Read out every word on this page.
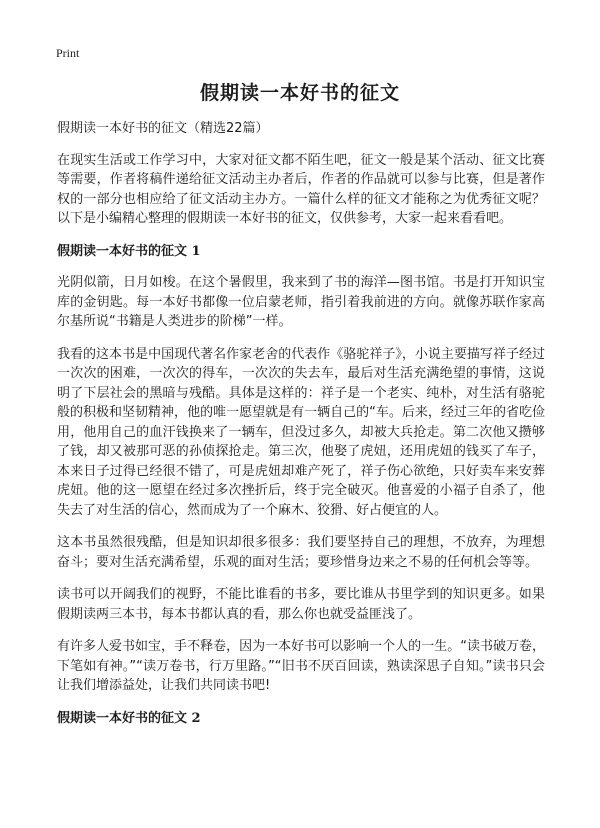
Print
假期读一本好书的征文

假期读一本好书的征文（精选22篇）

在现实生活或工作学习中，大家对征文都不陌生吧，征文一般是某个活动、征文比赛等需要，作者将稿件递给征文活动主办者后，作者的作品就可以参与比赛，但是著作权的一部分也相应给了征文活动主办方。一篇什么样的征文才能称之为优秀征文呢？以下是小编精心整理的假期读一本好书的征文，仅供参考，大家一起来看看吧。

假期读一本好书的征文 1

光阴似箭，日月如梭。在这个暑假里，我来到了书的海洋—图书馆。书是打开知识宝库的金钥匙。每一本好书都像一位启蒙老师，指引着我前进的方向。就像苏联作家高尔基所说“书籍是人类进步的阶梯”一样。

我看的这本书是中国现代著名作家老舍的代表作《骆驼祥子》，小说主要描写祥子经过一次次的困难，一次次的得车，一次次的失去车，最后对生活充满绝望的事情，这说明了下层社会的黑暗与残酷。具体是这样的：祥子是一个老实、纯朴，对生活有骆驼般的积极和坚韧精神，他的唯一愿望就是有一辆自己的“车。后来，经过三年的省吃俭用，他用自己的血汗钱换来了一辆车，但没过多久，却被大兵抢走。第二次他又攒够了钱，却又被那可恶的孙侦探抢走。第三次，他娶了虎妞，还用虎妞的钱买了车子，本来日子过得已经很不错了，可是虎妞却难产死了，祥子伤心欲绝，只好卖车来安葬虎妞。他的这一愿望在经过多次挫折后，终于完全破灭。他喜爱的小福子自杀了，他失去了对生活的信心，然而成为了一个麻木、狡猾、好占便宜的人。

这本书虽然很残酷，但是知识却很多很多：我们要坚持自己的理想，不放弃，为理想奋斗；要对生活充满希望，乐观的面对生活；要珍惜身边来之不易的任何机会等等。

读书可以开阔我们的视野，不能比谁看的书多，要比谁从书里学到的知识更多。如果假期读两三本书，每本书都认真的看，那么你也就受益匪浅了。

有许多人爱书如宝，手不释卷，因为一本好书可以影响一个人的一生。“读书破万卷，下笔如有神。”“读万卷书，行万里路。”“旧书不厌百回读，熟读深思子自知。”读书只会让我们增添益处，让我们共同读书吧!

假期读一本好书的征文 2
